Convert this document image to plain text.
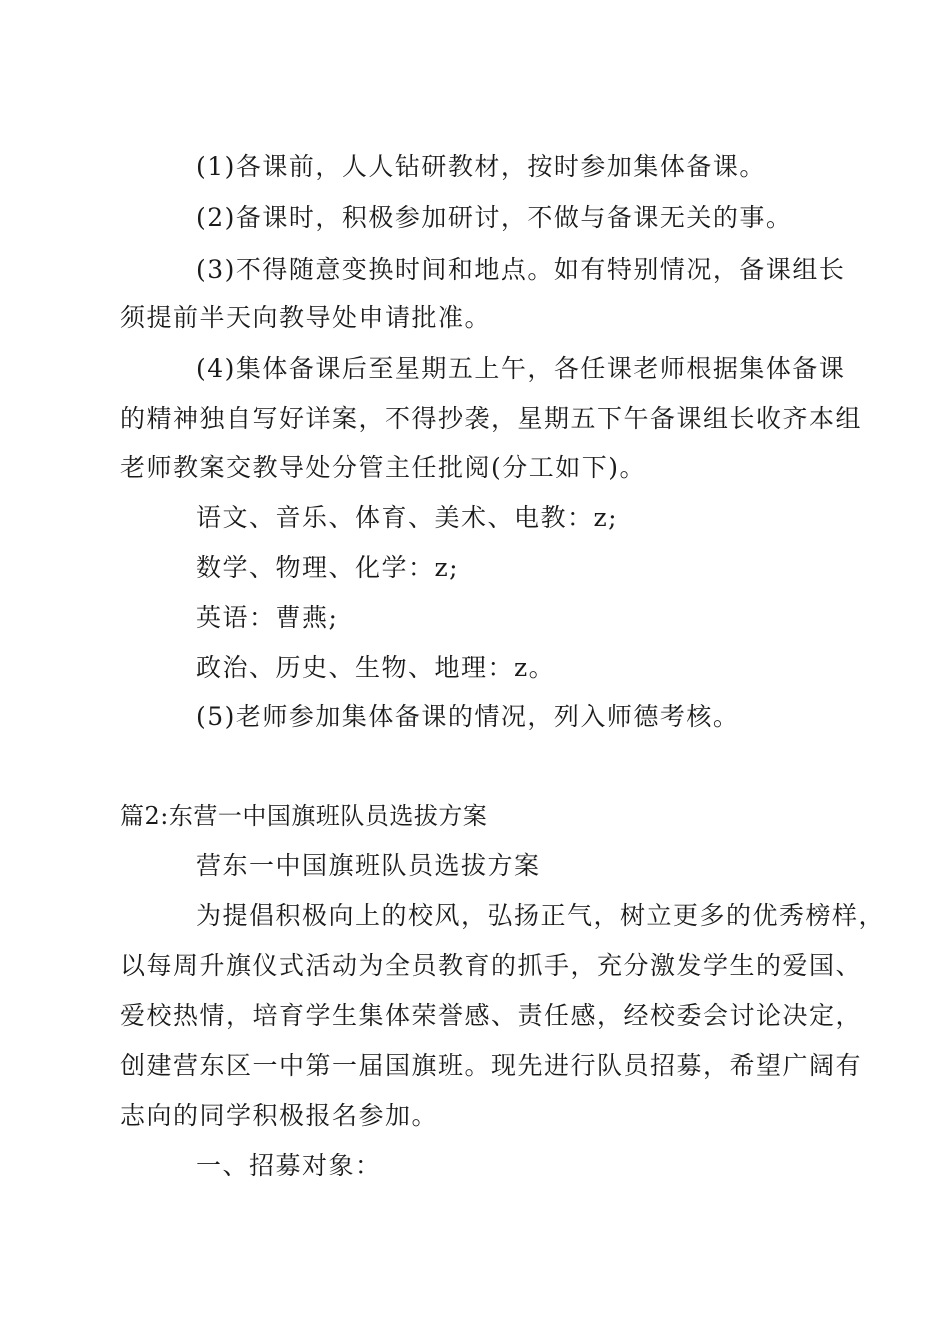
(1)各课前，人人钻研教材，按时参加集体备课。
(2)备课时，积极参加研讨，不做与备课无关的事。
(3)不得随意变换时间和地点。如有特别情况，备课组长
须提前半天向教导处申请批准。
(4)集体备课后至星期五上午，各任课老师根据集体备课
的精神独自写好详案，不得抄袭，星期五下午备课组长收齐本组
老师教案交教导处分管主任批阅(分工如下)。
语文、音乐、体育、美术、电教：z;
数学、物理、化学：z;
英语：曹燕;
政治、历史、生物、地理：z。
(5)老师参加集体备课的情况，列入师德考核。
篇2:东营一中国旗班队员选拔方案
营东一中国旗班队员选拔方案
为提倡积极向上的校风，弘扬正气，树立更多的优秀榜样，
以每周升旗仪式活动为全员教育的抓手，充分激发学生的爱国、
爱校热情，培育学生集体荣誉感、责任感，经校委会讨论决定，
创建营东区一中第一届国旗班。现先进行队员招募，希望广阔有
志向的同学积极报名参加。
一、招募对象：
